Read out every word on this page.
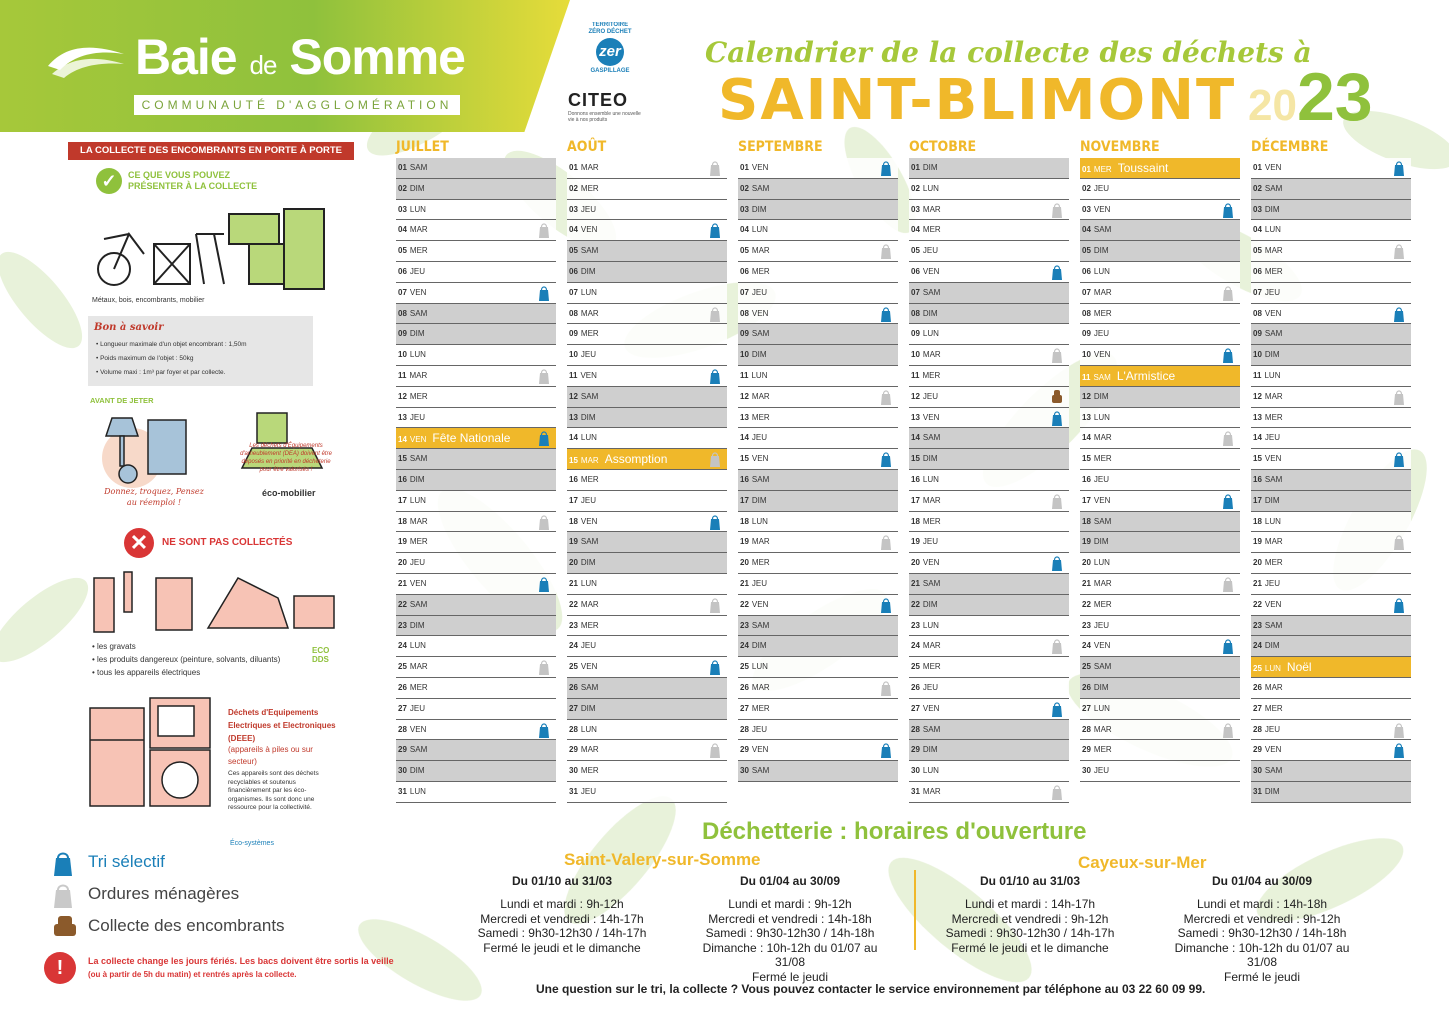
Baie de Somme
COMMUNAUTÉ D'AGGLOMÉRATION
TERRITOIRE
ZÉRO DÉCHET
zer
GASPILLAGE
CITEO
Donnons ensemble une nouvelle vie à nos produits
Calendrier de la collecte des déchets à
SAINT-BLIMONT 2023
LA COLLECTE DES ENCOMBRANTS EN PORTE À PORTE
✓	CE QUE VOUS POUVEZ PRÉSENTER À LA COLLECTE
Métaux, bois, encombrants, mobilier
Bon à savoir
• Longueur maximale d'un objet encombrant : 1,50m
• Poids maximum de l'objet : 50kg
• Volume maxi : 1m³ par foyer et par collecte.
AVANT DE JETER
Donnez, troquez, Pensez au réemploi !
Les déchets d'Équipements d'ameublement (DEA) doivent être déposés en priorité en déchèterie pour être valorisés !
éco-mobilier
✕	NE SONT PAS COLLECTÉS
• les gravats
• les produits dangereux (peinture, solvants, diluants)
• tous les appareils électriques
ECO
DDS
Déchets d'Equipements Electriques et Electroniques (DEEE)
(appareils à piles ou sur secteur)
Ces appareils sont des déchets recyclables et soutenus financièrement par les éco-organismes. Ils sont donc une ressource pour la collectivité.
Éco-systèmes
Tri sélectif
Ordures ménagères
Collecte des encombrants
!	La collecte change les jours fériés. Les bacs doivent être sortis la veille
(ou à partir de 5h du matin) et rentrés après la collecte.
JUILLET
01 SAM
02 DIM
03 LUN
04 MAR
05 MER
06 JEU
07 VEN
08 SAM
09 DIM
10 LUN
11 MAR
12 MER
13 JEU
14 VEN Fête Nationale
15 SAM
16 DIM
17 LUN
18 MAR
19 MER
20 JEU
21 VEN
22 SAM
23 DIM
24 LUN
25 MAR
26 MER
27 JEU
28 VEN
29 SAM
30 DIM
31 LUN
AOÛT
01 MAR
02 MER
03 JEU
04 VEN
05 SAM
06 DIM
07 LUN
08 MAR
09 MER
10 JEU
11 VEN
12 SAM
13 DIM
14 LUN
15 MAR Assomption
16 MER
17 JEU
18 VEN
19 SAM
20 DIM
21 LUN
22 MAR
23 MER
24 JEU
25 VEN
26 SAM
27 DIM
28 LUN
29 MAR
30 MER
31 JEU
SEPTEMBRE
01 VEN
02 SAM
03 DIM
04 LUN
05 MAR
06 MER
07 JEU
08 VEN
09 SAM
10 DIM
11 LUN
12 MAR
13 MER
14 JEU
15 VEN
16 SAM
17 DIM
18 LUN
19 MAR
20 MER
21 JEU
22 VEN
23 SAM
24 DIM
25 LUN
26 MAR
27 MER
28 JEU
29 VEN
30 SAM
OCTOBRE
01 DIM
02 LUN
03 MAR
04 MER
05 JEU
06 VEN
07 SAM
08 DIM
09 LUN
10 MAR
11 MER
12 JEU
13 VEN
14 SAM
15 DIM
16 LUN
17 MAR
18 MER
19 JEU
20 VEN
21 SAM
22 DIM
23 LUN
24 MAR
25 MER
26 JEU
27 VEN
28 SAM
29 DIM
30 LUN
31 MAR
NOVEMBRE
01 MER Toussaint
02 JEU
03 VEN
04 SAM
05 DIM
06 LUN
07 MAR
08 MER
09 JEU
10 VEN
11 SAM L'Armistice
12 DIM
13 LUN
14 MAR
15 MER
16 JEU
17 VEN
18 SAM
19 DIM
20 LUN
21 MAR
22 MER
23 JEU
24 VEN
25 SAM
26 DIM
27 LUN
28 MAR
29 MER
30 JEU
DÉCEMBRE
01 VEN
02 SAM
03 DIM
04 LUN
05 MAR
06 MER
07 JEU
08 VEN
09 SAM
10 DIM
11 LUN
12 MAR
13 MER
14 JEU
15 VEN
16 SAM
17 DIM
18 LUN
19 MAR
20 MER
21 JEU
22 VEN
23 SAM
24 DIM
25 LUN Noël
26 MAR
27 MER
28 JEU
29 VEN
30 SAM
31 DIM
Déchetterie : horaires d'ouverture
Saint-Valery-sur-Somme	Cayeux-sur-Mer
Du 01/10 au 31/03
Lundi et mardi : 9h-12h
Mercredi et vendredi : 14h-17h
Samedi : 9h30-12h30 / 14h-17h
Fermé le jeudi et le dimanche
Du 01/04 au 30/09
Lundi et mardi : 9h-12h
Mercredi et vendredi : 14h-18h
Samedi : 9h30-12h30 / 14h-18h
Dimanche : 10h-12h du 01/07 au 31/08
Fermé le jeudi
Du 01/10 au 31/03
Lundi et mardi : 14h-17h
Mercredi et vendredi : 9h-12h
Samedi : 9h30-12h30 / 14h-17h
Fermé le jeudi et le dimanche
Du 01/04 au 30/09
Lundi et mardi : 14h-18h
Mercredi et vendredi : 9h-12h
Samedi : 9h30-12h30 / 14h-18h
Dimanche : 10h-12h du 01/07 au 31/08
Fermé le jeudi
Une question sur le tri, la collecte ? Vous pouvez contacter le service environnement par téléphone au 03 22 60 09 99.
